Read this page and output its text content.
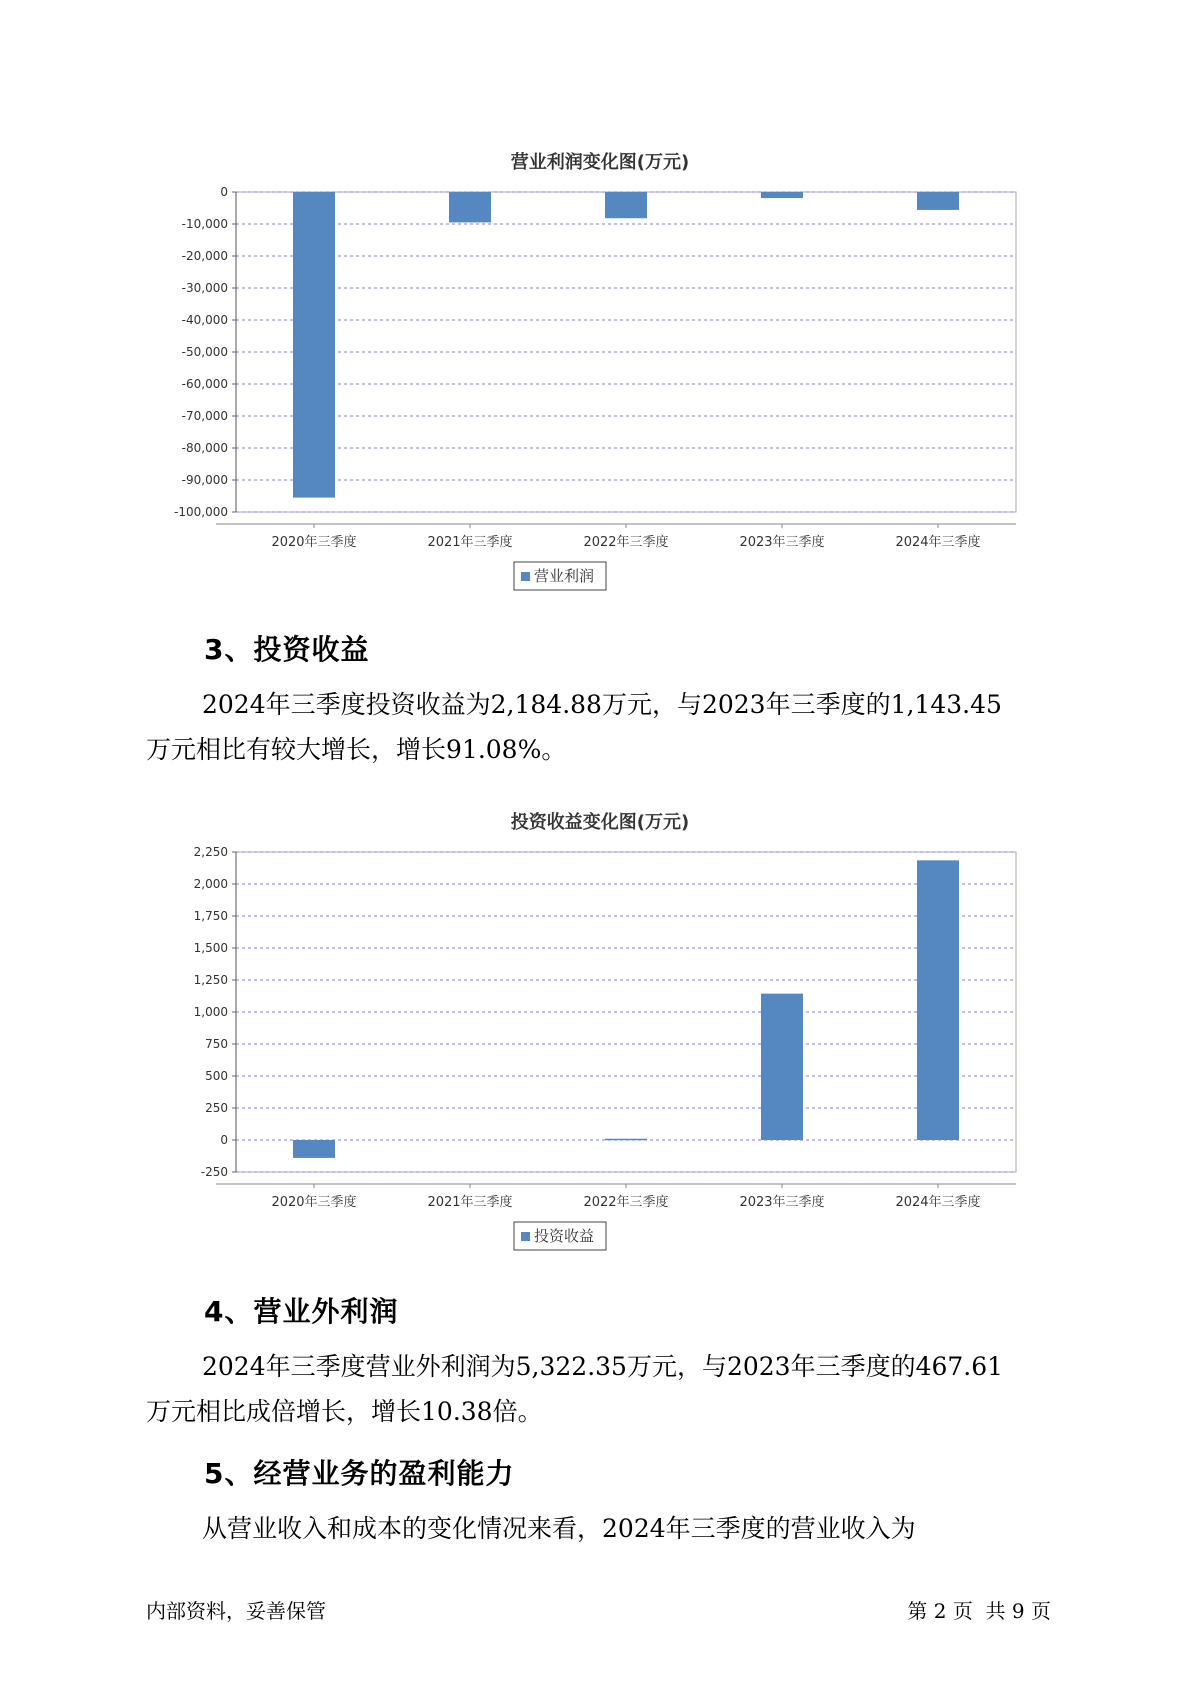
营业利润变化图(万元)
0
-10,000
-20,000
-30,000
-40,000
-50,000
-60,000
-70,000
-80,000
-90,000
-100,000
2020年三季度	2021年三季度	2022年三季度	2023年三季度	2024年三季度
营业利润
3、投资收益
2024年三季度投资收益为2,184.88万元，与2023年三季度的1,143.45
万元相比有较大增长，增长91.08%。
投资收益变化图(万元)
2,250
2,000
1,750
1,500
1,250
1,000
750
500
250
0
-250
2020年三季度	2021年三季度	2022年三季度	2023年三季度	2024年三季度
投资收益
4、营业外利润
2024年三季度营业外利润为5,322.35万元，与2023年三季度的467.61
万元相比成倍增长，增长10.38倍。
5、经营业务的盈利能力
从营业收入和成本的变化情况来看，2024年三季度的营业收入为
内部资料，妥善保管	第 2 页  共 9 页
